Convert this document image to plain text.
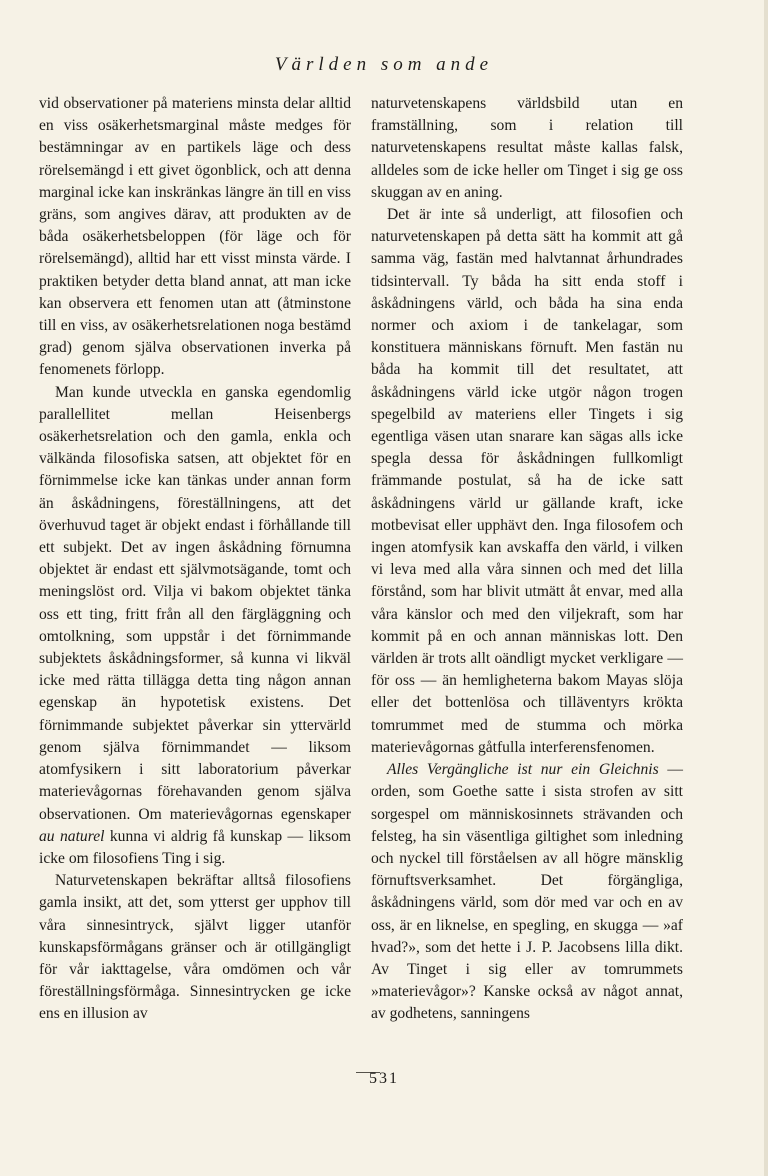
Världen som ande

vid observationer på materiens minsta delar alltid en viss osäkerhetsmarginal måste medges för bestämningar av en partikels läge och dess rörelsemängd i ett givet ögonblick, och att denna marginal icke kan inskränkas längre än till en viss gräns, som angives därav, att produkten av de båda osäkerhetsbeloppen (för läge och för rörelsemängd), alltid har ett visst minsta värde. I praktiken betyder detta bland annat, att man icke kan observera ett fenomen utan att (åtminstone till en viss, av osäkerhetsrelationen noga bestämd grad) genom själva observationen inverka på fenomenets förlopp.

Man kunde utveckla en ganska egendomlig parallellitet mellan Heisenbergs osäkerhetsrelation och den gamla, enkla och välkända filosofiska satsen, att objektet för en förnimmelse icke kan tänkas under annan form än åskådningens, föreställningens, att det överhuvud taget är objekt endast i förhållande till ett subjekt. Det av ingen åskådning förnumna objektet är endast ett självmotsägande, tomt och meningslöst ord. Vilja vi bakom objektet tänka oss ett ting, fritt från all den färgläggning och omtolkning, som uppstår i det förnimmande subjektets åskådningsformer, så kunna vi likväl icke med rätta tillägga detta ting någon annan egenskap än hypotetisk existens. Det förnimmande subjektet påverkar sin yttervärld genom själva förnimmandet — liksom atomfysikern i sitt laboratorium påverkar materievågornas förehavanden genom själva observationen. Om materievågornas egenskaper au naturel kunna vi aldrig få kunskap — liksom icke om filosofiens Ting i sig.

Naturvetenskapen bekräftar alltså filosofiens gamla insikt, att det, som ytterst ger upphov till våra sinnesintryck, självt ligger utanför kunskapsförmågans gränser och är otillgängligt för vår iakttagelse, våra omdömen och vår föreställningsförmåga. Sinnesintrycken ge icke ens en illusion av

naturvetenskapens världsbild utan en framställning, som i relation till naturvetenskapens resultat måste kallas falsk, alldeles som de icke heller om Tinget i sig ge oss skuggan av en aning.

Det är inte så underligt, att filosofien och naturvetenskapen på detta sätt ha kommit att gå samma väg, fastän med halvtannat århundrades tidsintervall. Ty båda ha sitt enda stoff i åskådningens värld, och båda ha sina enda normer och axiom i de tankelagar, som konstituera människans förnuft. Men fastän nu båda ha kommit till det resultatet, att åskådningens värld icke utgör någon trogen spegelbild av materiens eller Tingets i sig egentliga väsen utan snarare kan sägas alls icke spegla dessa för åskådningen fullkomligt främmande postulat, så ha de icke satt åskådningens värld ur gällande kraft, icke motbevisat eller upphävt den. Inga filosofem och ingen atomfysik kan avskaffa den värld, i vilken vi leva med alla våra sinnen och med det lilla förstånd, som har blivit utmätt åt envar, med alla våra känslor och med den viljekraft, som har kommit på en och annan människas lott. Den världen är trots allt oändligt mycket verkligare — för oss — än hemligheterna bakom Mayas slöja eller det bottenlösa och tilläventyrs krökta tomrummet med de stumma och mörka materievågornas gåtfulla interferensfenomen.

Alles Vergängliche ist nur ein Gleichnis — orden, som Goethe satte i sista strofen av sitt sorgespel om människosinnets strävanden och felsteg, ha sin väsentliga giltighet som inledning och nyckel till förståelsen av all högre mänsklig förnuftsverksamhet. Det förgängliga, åskådningens värld, som dör med var och en av oss, är en liknelse, en spegling, en skugga — »af hvad?», som det hette i J. P. Jacobsens lilla dikt. Av Tinget i sig eller av tomrummets »materievågor»? Kanske också av något annat, av godhetens, sanningens

531
